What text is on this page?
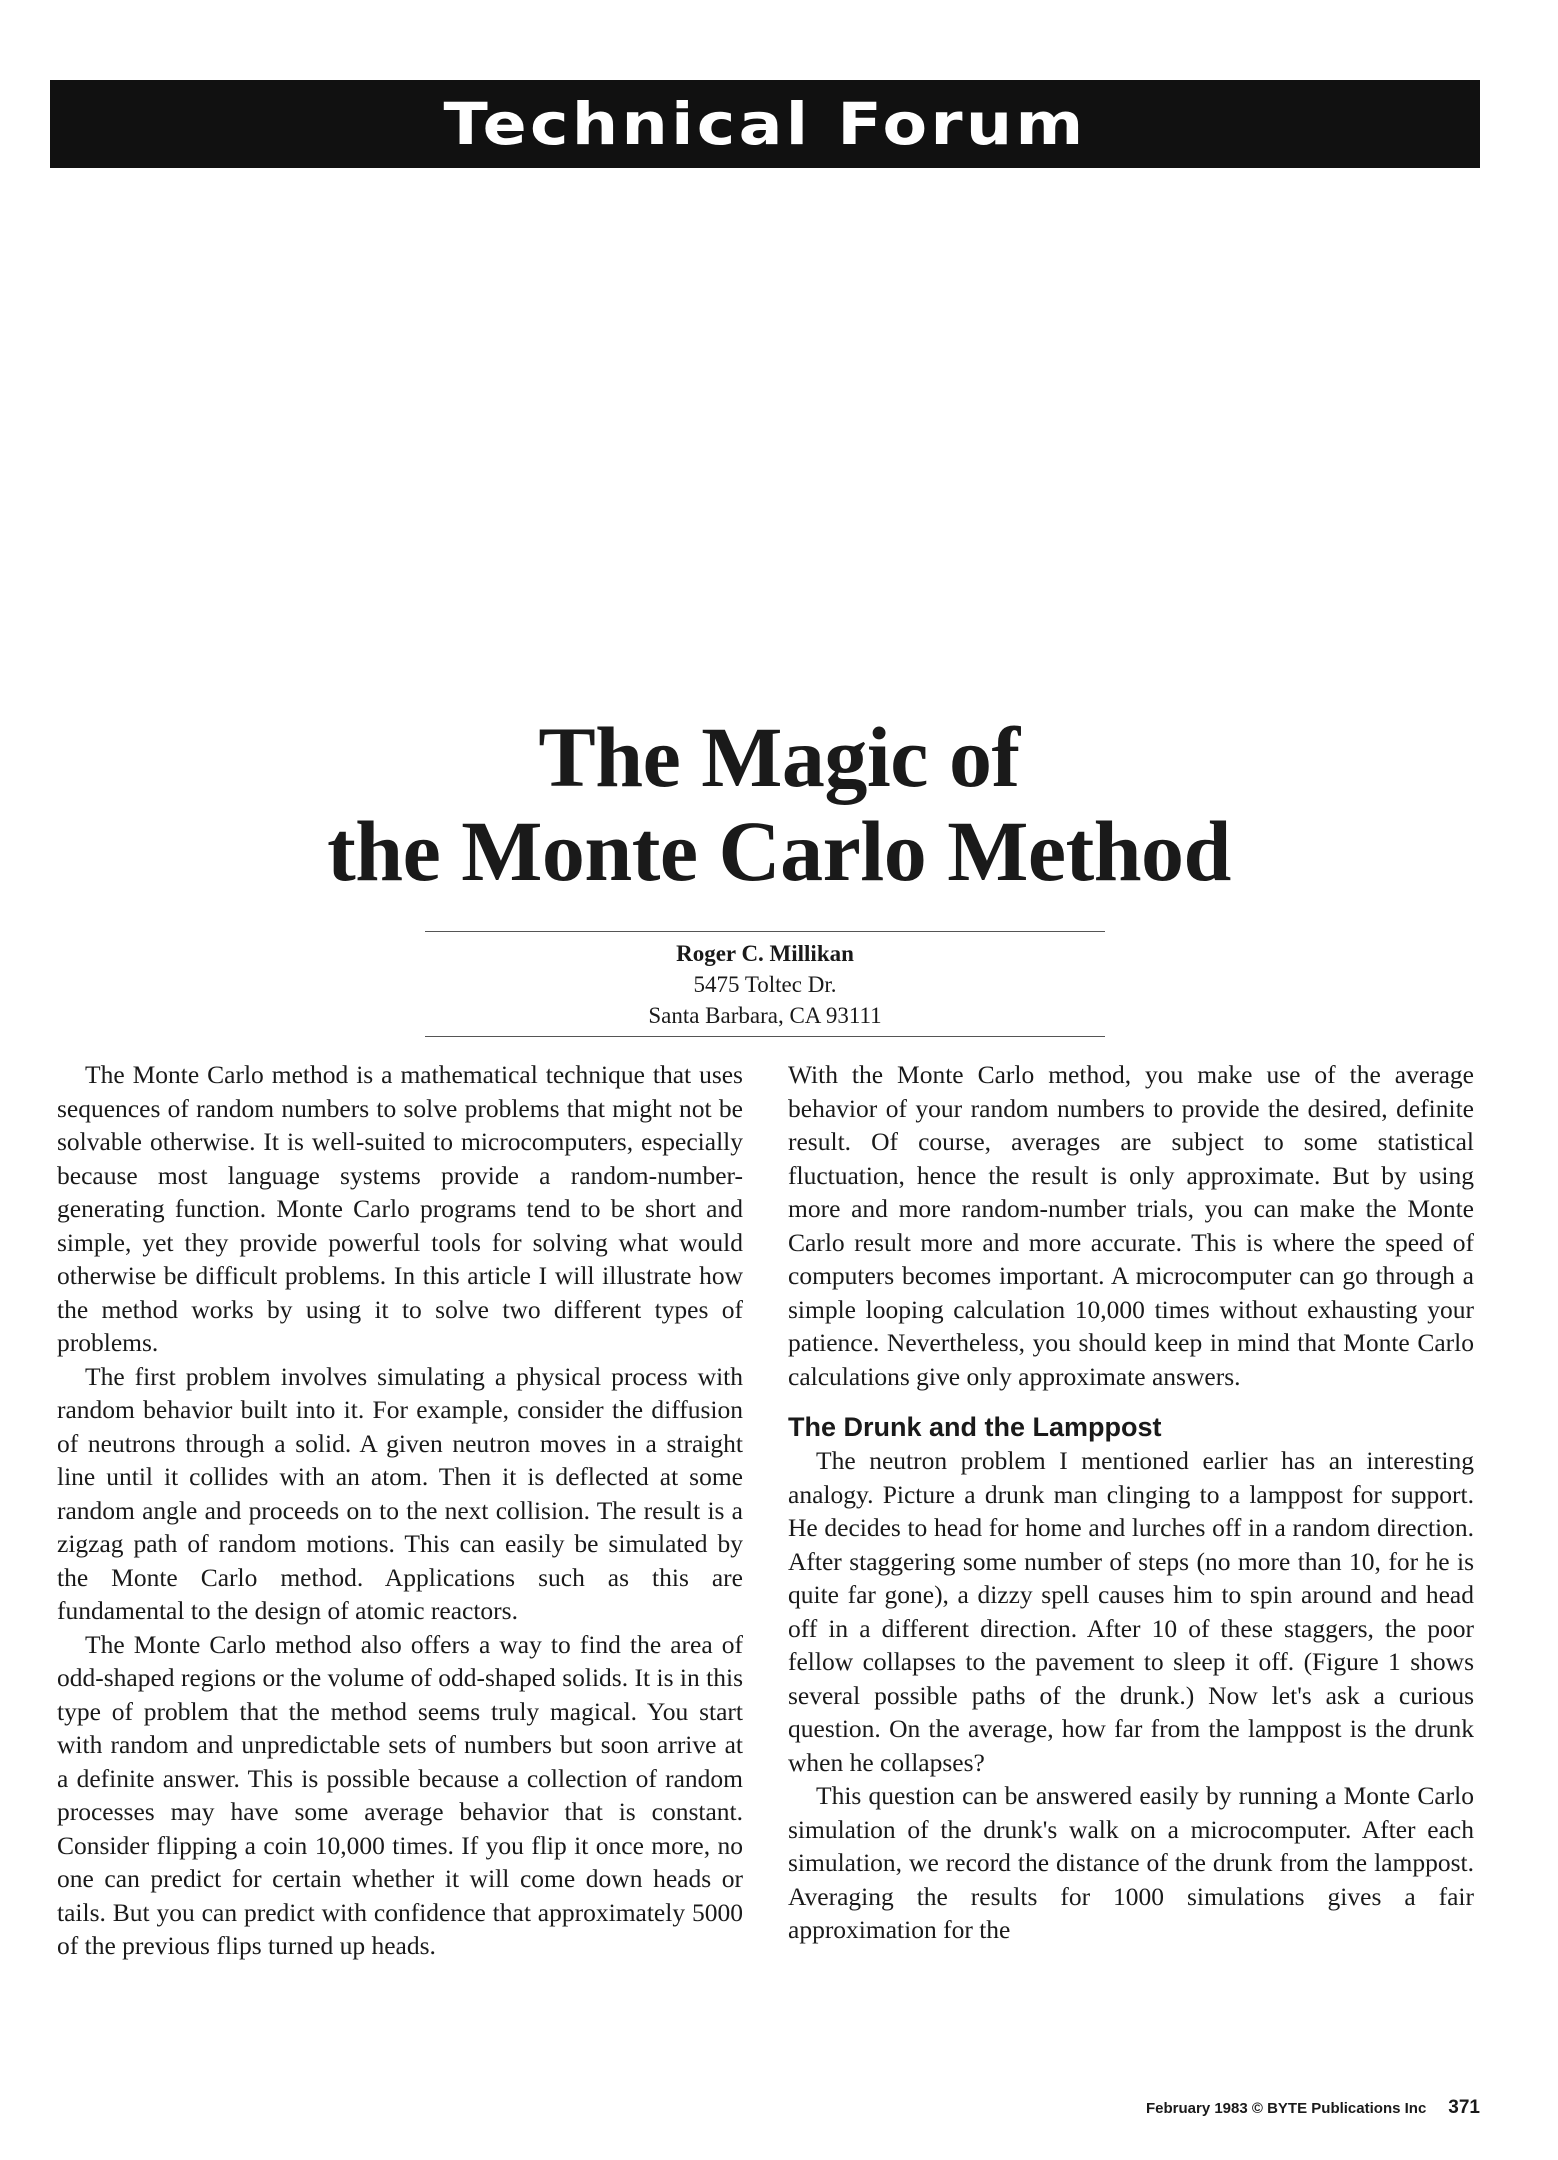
Technical Forum
The Magic of
the Monte Carlo Method
Roger C. Millikan
5475 Toltec Dr.
Santa Barbara, CA 93111

The Monte Carlo method is a mathematical technique that uses sequences of random numbers to solve problems that might not be solvable otherwise. It is well-suited to microcomputers, especially because most language systems provide a random-number-generating function. Monte Carlo programs tend to be short and simple, yet they provide powerful tools for solving what would otherwise be difficult problems. In this article I will illustrate how the method works by using it to solve two different types of problems.

The first problem involves simulating a physical process with random behavior built into it. For example, consider the diffusion of neutrons through a solid. A given neutron moves in a straight line until it collides with an atom. Then it is deflected at some random angle and proceeds on to the next collision. The result is a zigzag path of random motions. This can easily be simulated by the Monte Carlo method. Applications such as this are fundamental to the design of atomic reactors.

The Monte Carlo method also offers a way to find the area of odd-shaped regions or the volume of odd-shaped solids. It is in this type of problem that the method seems truly magical. You start with random and unpredictable sets of numbers but soon arrive at a definite answer. This is possible because a collection of random processes may have some average behavior that is constant. Consider flipping a coin 10,000 times. If you flip it once more, no one can predict for certain whether it will come down heads or tails. But you can predict with confidence that approximately 5000 of the previous flips turned up heads.

With the Monte Carlo method, you make use of the average behavior of your random numbers to provide the desired, definite result. Of course, averages are subject to some statistical fluctuation, hence the result is only approximate. But by using more and more random-number trials, you can make the Monte Carlo result more and more accurate. This is where the speed of computers becomes important. A microcomputer can go through a simple looping calculation 10,000 times without exhausting your patience. Nevertheless, you should keep in mind that Monte Carlo calculations give only approximate answers.

The Drunk and the Lamppost

The neutron problem I mentioned earlier has an interesting analogy. Picture a drunk man clinging to a lamppost for support. He decides to head for home and lurches off in a random direction. After staggering some number of steps (no more than 10, for he is quite far gone), a dizzy spell causes him to spin around and head off in a different direction. After 10 of these staggers, the poor fellow collapses to the pavement to sleep it off. (Figure 1 shows several possible paths of the drunk.) Now let's ask a curious question. On the average, how far from the lamppost is the drunk when he collapses?

This question can be answered easily by running a Monte Carlo simulation of the drunk's walk on a microcomputer. After each simulation, we record the distance of the drunk from the lamppost. Averaging the results for 1000 simulations gives a fair approximation for the

February 1983 © BYTE Publications Inc 371
